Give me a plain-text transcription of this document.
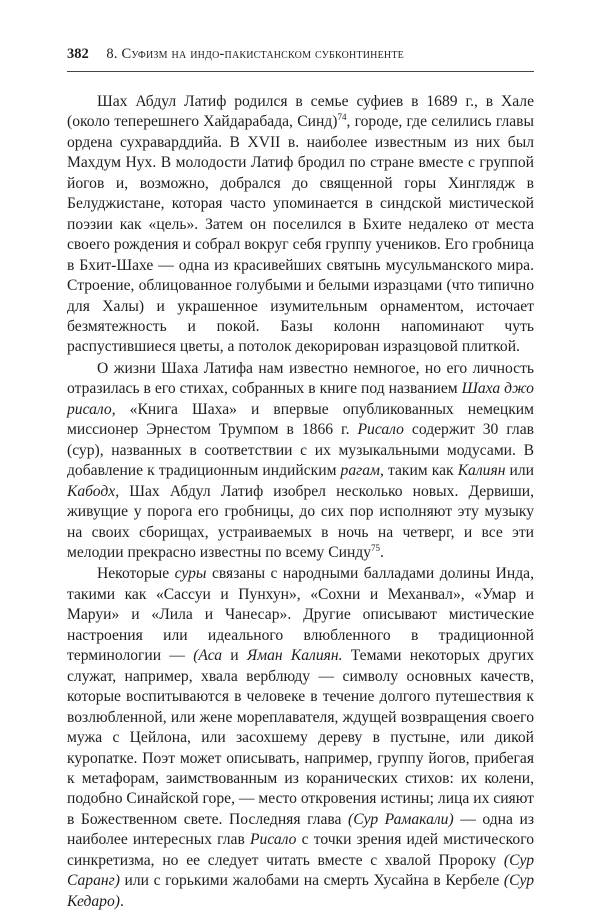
382 8. Суфизм на индо-пакистанском субконтиненте

Шах Абдул Латиф родился в семье суфиев в 1689 г., в Хале (около теперешнего Хайдарабада, Синд)$^{74}$, городе, где селились главы ордена сухраварддийа. В XVII в. наиболее известным из них был Махдум Нух. В молодости Латиф бродил по стране вместе с группой йогов и, возможно, добрался до священной горы Хинглядж в Белуджистане, которая часто упоминается в синдской мистической поэзии как «цель». Затем он поселился в Бхите недалеко от места своего рождения и собрал вокруг себя группу учеников. Его гробница в Бхит-Шахе — одна из красивейших святынь мусульманского мира. Строение, облицованное голубыми и белыми изразцами (что типично для Халы) и украшенное изумительным орнаментом, источает безмятежность и покой. Базы колонн напоминают чуть распустившиеся цветы, а потолок декорирован изразцовой плиткой.

О жизни Шаха Латифа нам известно немногое, но его личность отразилась в его стихах, собранных в книге под названием Шаха джо рисало, «Книга Шаха» и впервые опубликованных немецким миссионер Эрнестом Трумпом в 1866 г. Рисало содержит 30 глав (сур), названных в соответствии с их музыкальными модусами. В добавление к традиционным индийским рагам, таким как Калиян или Кабодх, Шах Абдул Латиф изобрел несколько новых. Дервиши, живущие у порога его гробницы, до сих пор исполняют эту музыку на своих сборищах, устраиваемых в ночь на четверг, и все эти мелодии прекрасно известны по всему Синду$^{75}$.

Некоторые суры связаны с народными балладами долины Инда, такими как «Сассуи и Пунхун», «Сохни и Механвал», «Умар и Маруи» и «Лила и Чанесар». Другие описывают мистические настроения или идеального влюбленного в традиционной терминологии — (Аса и Яман Калиян. Темами некоторых других служат, например, хвала верблюду — символу основных качеств, которые воспитываются в человеке в течение долгого путешествия к возлюбленной, или жене мореплавателя, ждущей возвращения своего мужа с Цейлона, или засохшему дереву в пустыне, или дикой куропатке. Поэт может описывать, например, группу йогов, прибегая к метафорам, заимствованным из коранических стихов: их колени, подобно Синайской горе, — место откровения истины; лица их сияют в Божественном свете. Последняя глава (Сур Рамакали) — одна из наиболее интересных глав Рисало с точки зрения идей мистического синкретизма, но ее следует читать вместе с хвалой Пророку (Сур Саранг) или с горькими жалобами на смерть Хусайна в Кербеле (Сур Кедаро).
